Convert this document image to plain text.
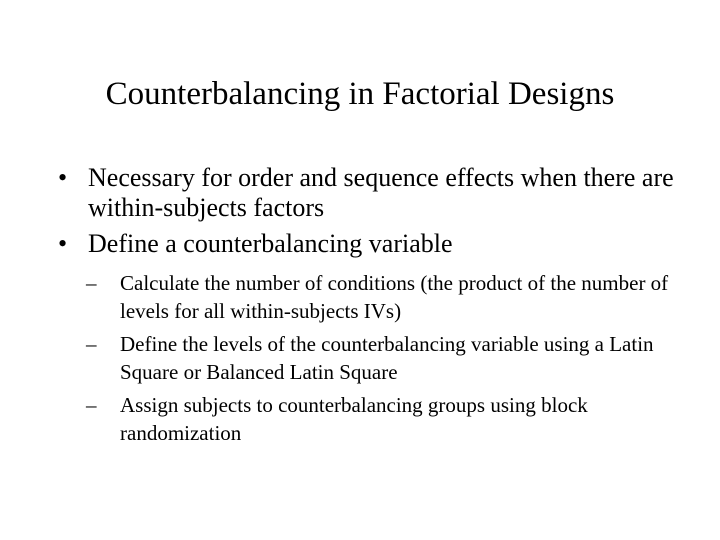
Counterbalancing in Factorial Designs
• Necessary for order and sequence effects when there are within-subjects factors
• Define a counterbalancing variable
–	Calculate the number of conditions (the product of the number of levels for all within-subjects IVs)
–	Define the levels of the counterbalancing variable using a Latin Square or Balanced Latin Square
–	Assign subjects to counterbalancing groups using block randomization
